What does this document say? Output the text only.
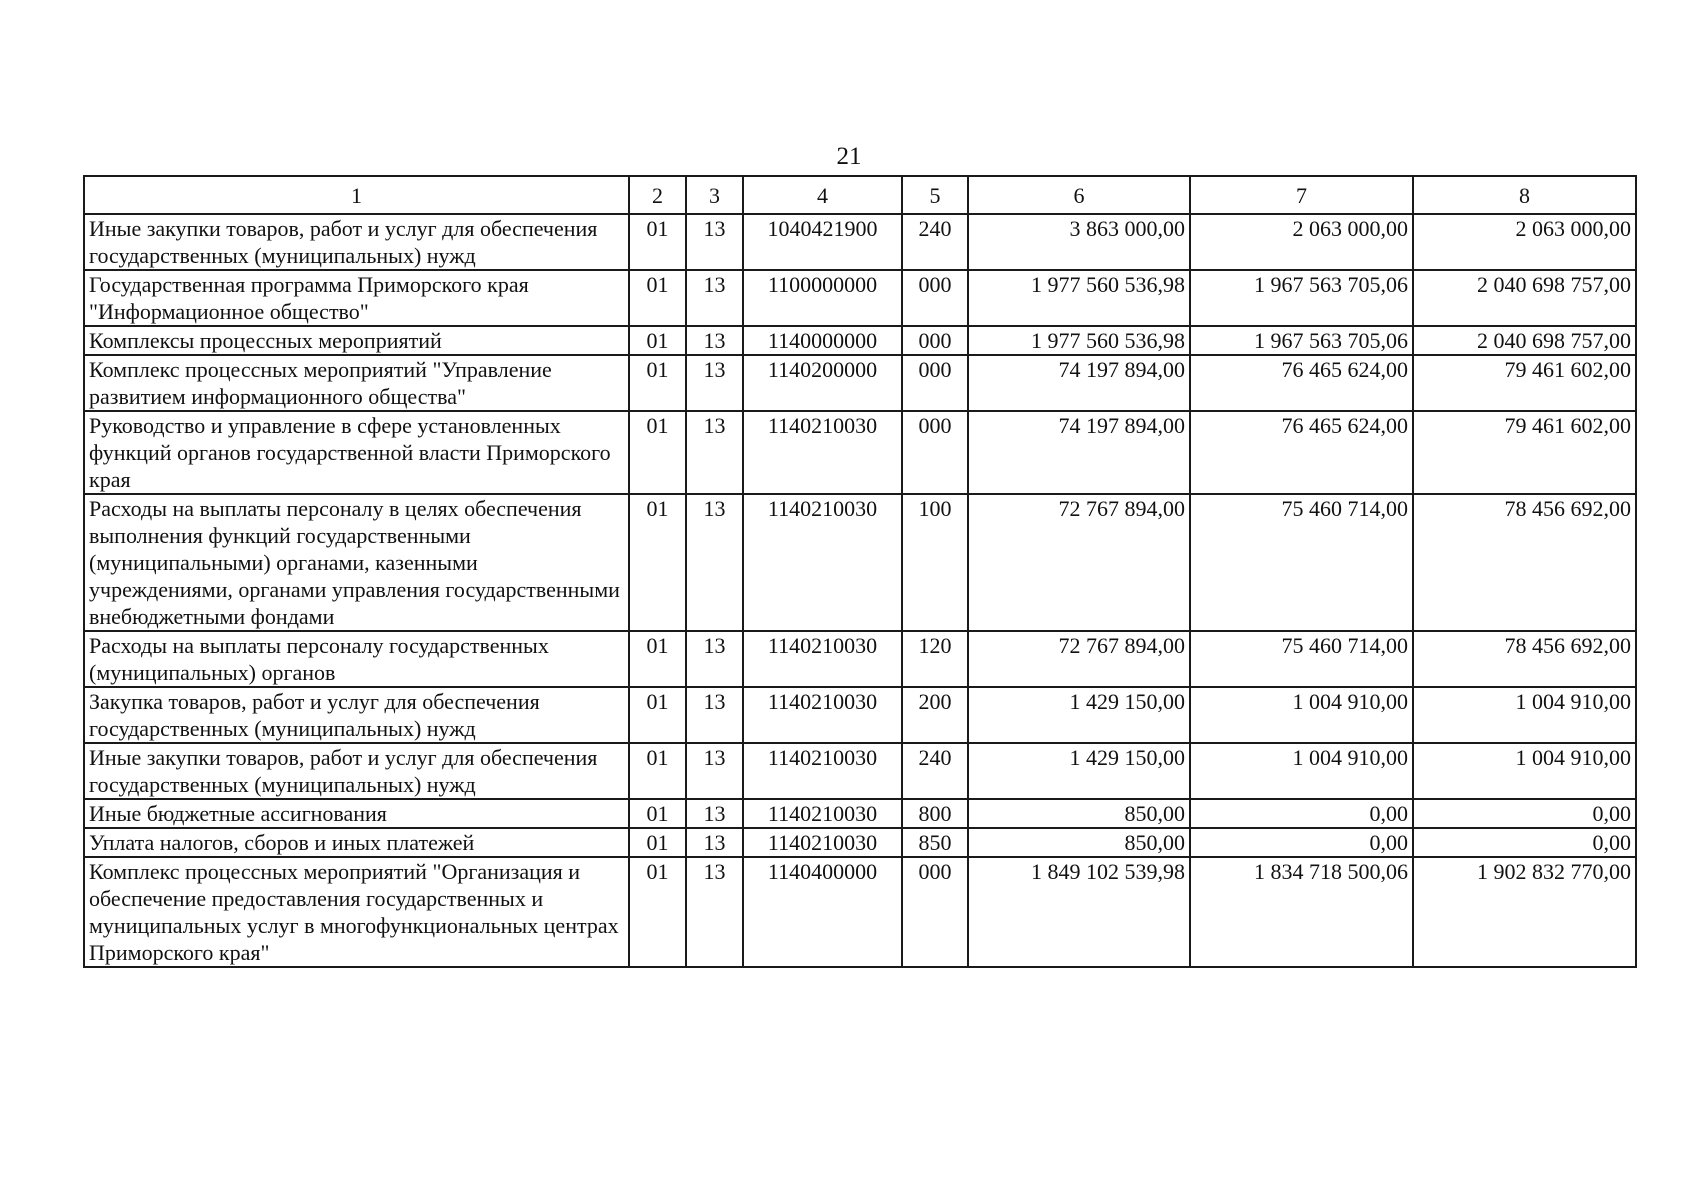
21
1	2	3	4	5	6	7	8
Иные закупки товаров, работ и услуг для обеспечения государственных (муниципальных) нужд	01	13	1040421900	240	3 863 000,00	2 063 000,00	2 063 000,00
Государственная программа Приморского края "Информационное общество"	01	13	1100000000	000	1 977 560 536,98	1 967 563 705,06	2 040 698 757,00
Комплексы процессных мероприятий	01	13	1140000000	000	1 977 560 536,98	1 967 563 705,06	2 040 698 757,00
Комплекс процессных мероприятий "Управление развитием информационного общества"	01	13	1140200000	000	74 197 894,00	76 465 624,00	79 461 602,00
Руководство и управление в сфере установленных функций органов государственной власти Приморского края	01	13	1140210030	000	74 197 894,00	76 465 624,00	79 461 602,00
Расходы на выплаты персоналу в целях обеспечения выполнения функций государственными (муниципальными) органами, казенными учреждениями, органами управления государственными внебюджетными фондами	01	13	1140210030	100	72 767 894,00	75 460 714,00	78 456 692,00
Расходы на выплаты персоналу государственных (муниципальных) органов	01	13	1140210030	120	72 767 894,00	75 460 714,00	78 456 692,00
Закупка товаров, работ и услуг для обеспечения государственных (муниципальных) нужд	01	13	1140210030	200	1 429 150,00	1 004 910,00	1 004 910,00
Иные закупки товаров, работ и услуг для обеспечения государственных (муниципальных) нужд	01	13	1140210030	240	1 429 150,00	1 004 910,00	1 004 910,00
Иные бюджетные ассигнования	01	13	1140210030	800	850,00	0,00	0,00
Уплата налогов, сборов и иных платежей	01	13	1140210030	850	850,00	0,00	0,00
Комплекс процессных мероприятий "Организация и обеспечение предоставления государственных и муниципальных услуг в многофункциональных центрах Приморского края"	01	13	1140400000	000	1 849 102 539,98	1 834 718 500,06	1 902 832 770,00
